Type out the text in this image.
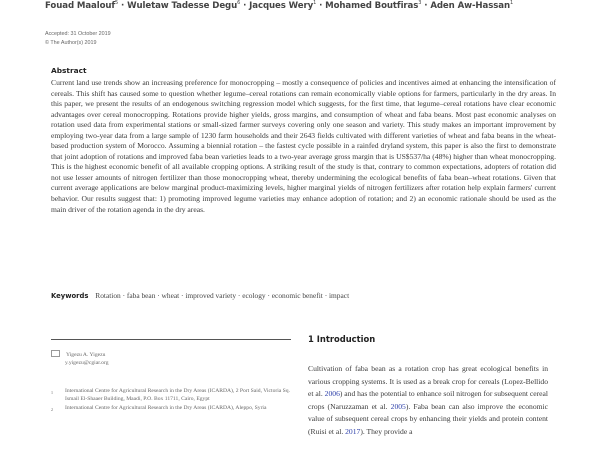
Fouad Maalouf$^5$ · Wuletaw Tadesse Degu$^6$ · Jacques Wery$^1$ · Mohamed Boutfiras$^3$ · Aden Aw-Hassan$^1$
Accepted: 31 October 2019
© The Author(s) 2019
Abstract
Current land use trends show an increasing preference for monocropping – mostly a consequence of policies and incentives aimed at enhancing the intensification of cereals. This shift has caused some to question whether legume–cereal rotations can remain economically viable options for farmers, particularly in the dry areas. In this paper, we present the results of an endogenous switching regression model which suggests, for the first time, that legume–cereal rotations have clear economic advantages over cereal monocropping. Rotations provide higher yields, gross margins, and consumption of wheat and faba beans. Most past economic analyses on rotation used data from experimental stations or small-sized farmer surveys covering only one season and variety. This study makes an important improvement by employing two-year data from a large sample of 1230 farm households and their 2643 fields cultivated with different varieties of wheat and faba beans in the wheat-based production system of Morocco. Assuming a biennial rotation – the fastest cycle possible in a rainfed dryland system, this paper is also the first to demonstrate that joint adoption of rotations and improved faba bean varieties leads to a two-year average gross margin that is US$537/ha (48%) higher than wheat monocropping. This is the highest economic benefit of all available cropping options. A striking result of the study is that, contrary to common expectations, adopters of rotation did not use lesser amounts of nitrogen fertilizer than those monocropping wheat, thereby undermining the ecological benefits of faba bean–wheat rotations. Given that current average applications are below marginal product-maximizing levels, higher marginal yields of nitrogen fertilizers after rotation help explain farmers' current behavior. Our results suggest that: 1) promoting improved legume varieties may enhance adoption of rotation; and 2) an economic rationale should be used as the main driver of the rotation agenda in the dry areas.
Keywords Rotation · faba bean · wheat · improved variety · ecology · economic benefit · impact
Yigezu A. Yigezu
y.yigezu@cgiar.org
1	International Centre for Agricultural Research in the Dry Areas (ICARDA), 2 Port Said, Victoria Sq. Ismail El-Shaaer Building, Maadi, P.O. Box 11711, Cairo, Egypt
2	International Centre for Agricultural Research in the Dry Areas (ICARDA), Aleppo, Syria
1 Introduction
Cultivation of faba bean as a rotation crop has great ecological benefits in various cropping systems. It is used as a break crop for cereals (Lopez-Bellido et al. 2006) and has the potential to enhance soil nitrogen for subsequent cereal crops (Naruzzaman et al. 2005). Faba bean can also improve the economic value of subsequent cereal crops by enhancing their yields and protein content (Ruisi et al. 2017). They provide a
